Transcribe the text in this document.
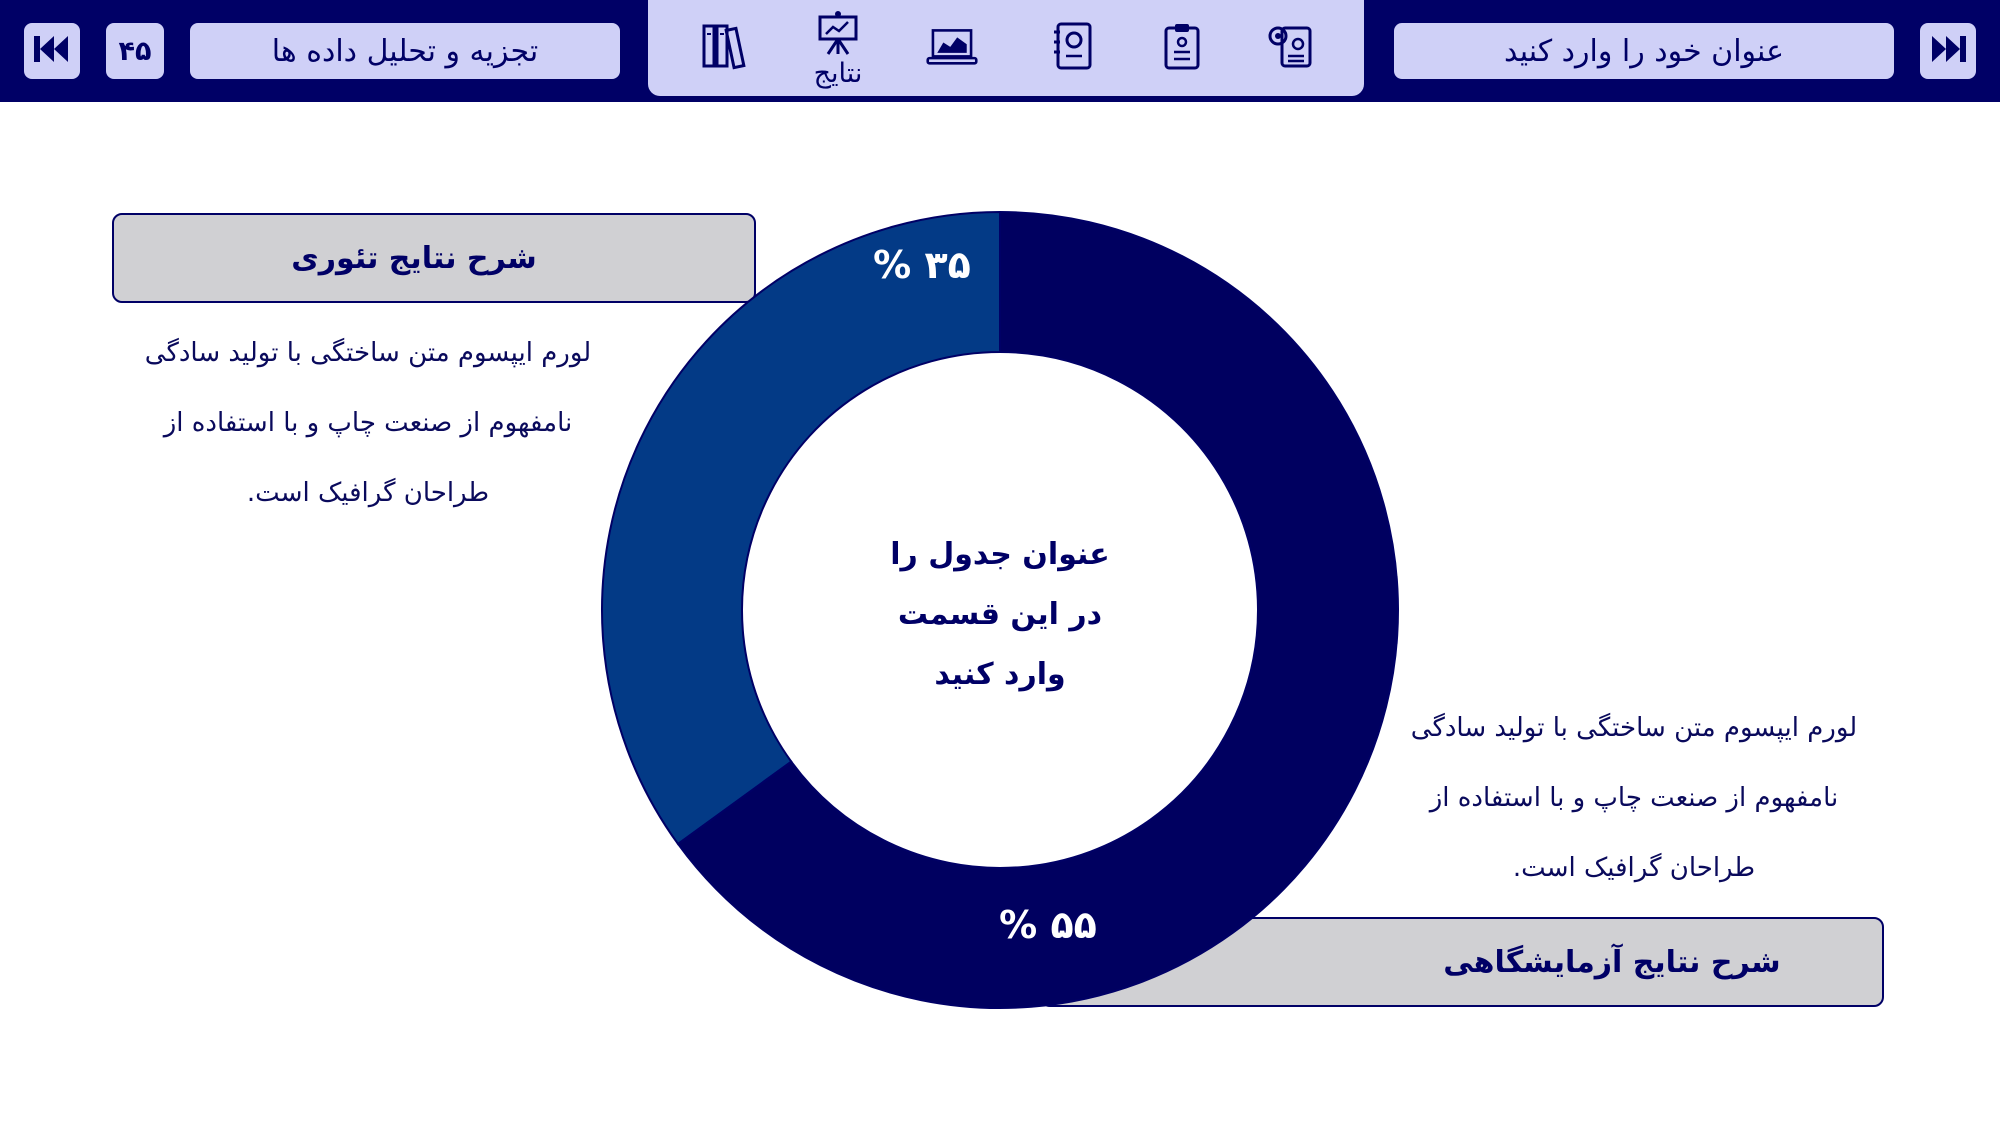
۴۵	تجزیه و تحلیل داده ها
نتایج
عنوان خود را وارد کنید
شرح نتایج تئوری
شرح نتایج آزمایشگاهی
% ۳۵
% ۵۵
عنوان جدول را
در این قسمت
وارد کنید
لورم ایپسوم متن ساختگی با تولید سادگی
نامفهوم از صنعت چاپ و با استفاده از
طراحان گرافیک است.
لورم ایپسوم متن ساختگی با تولید سادگی
نامفهوم از صنعت چاپ و با استفاده از
طراحان گرافیک است.
